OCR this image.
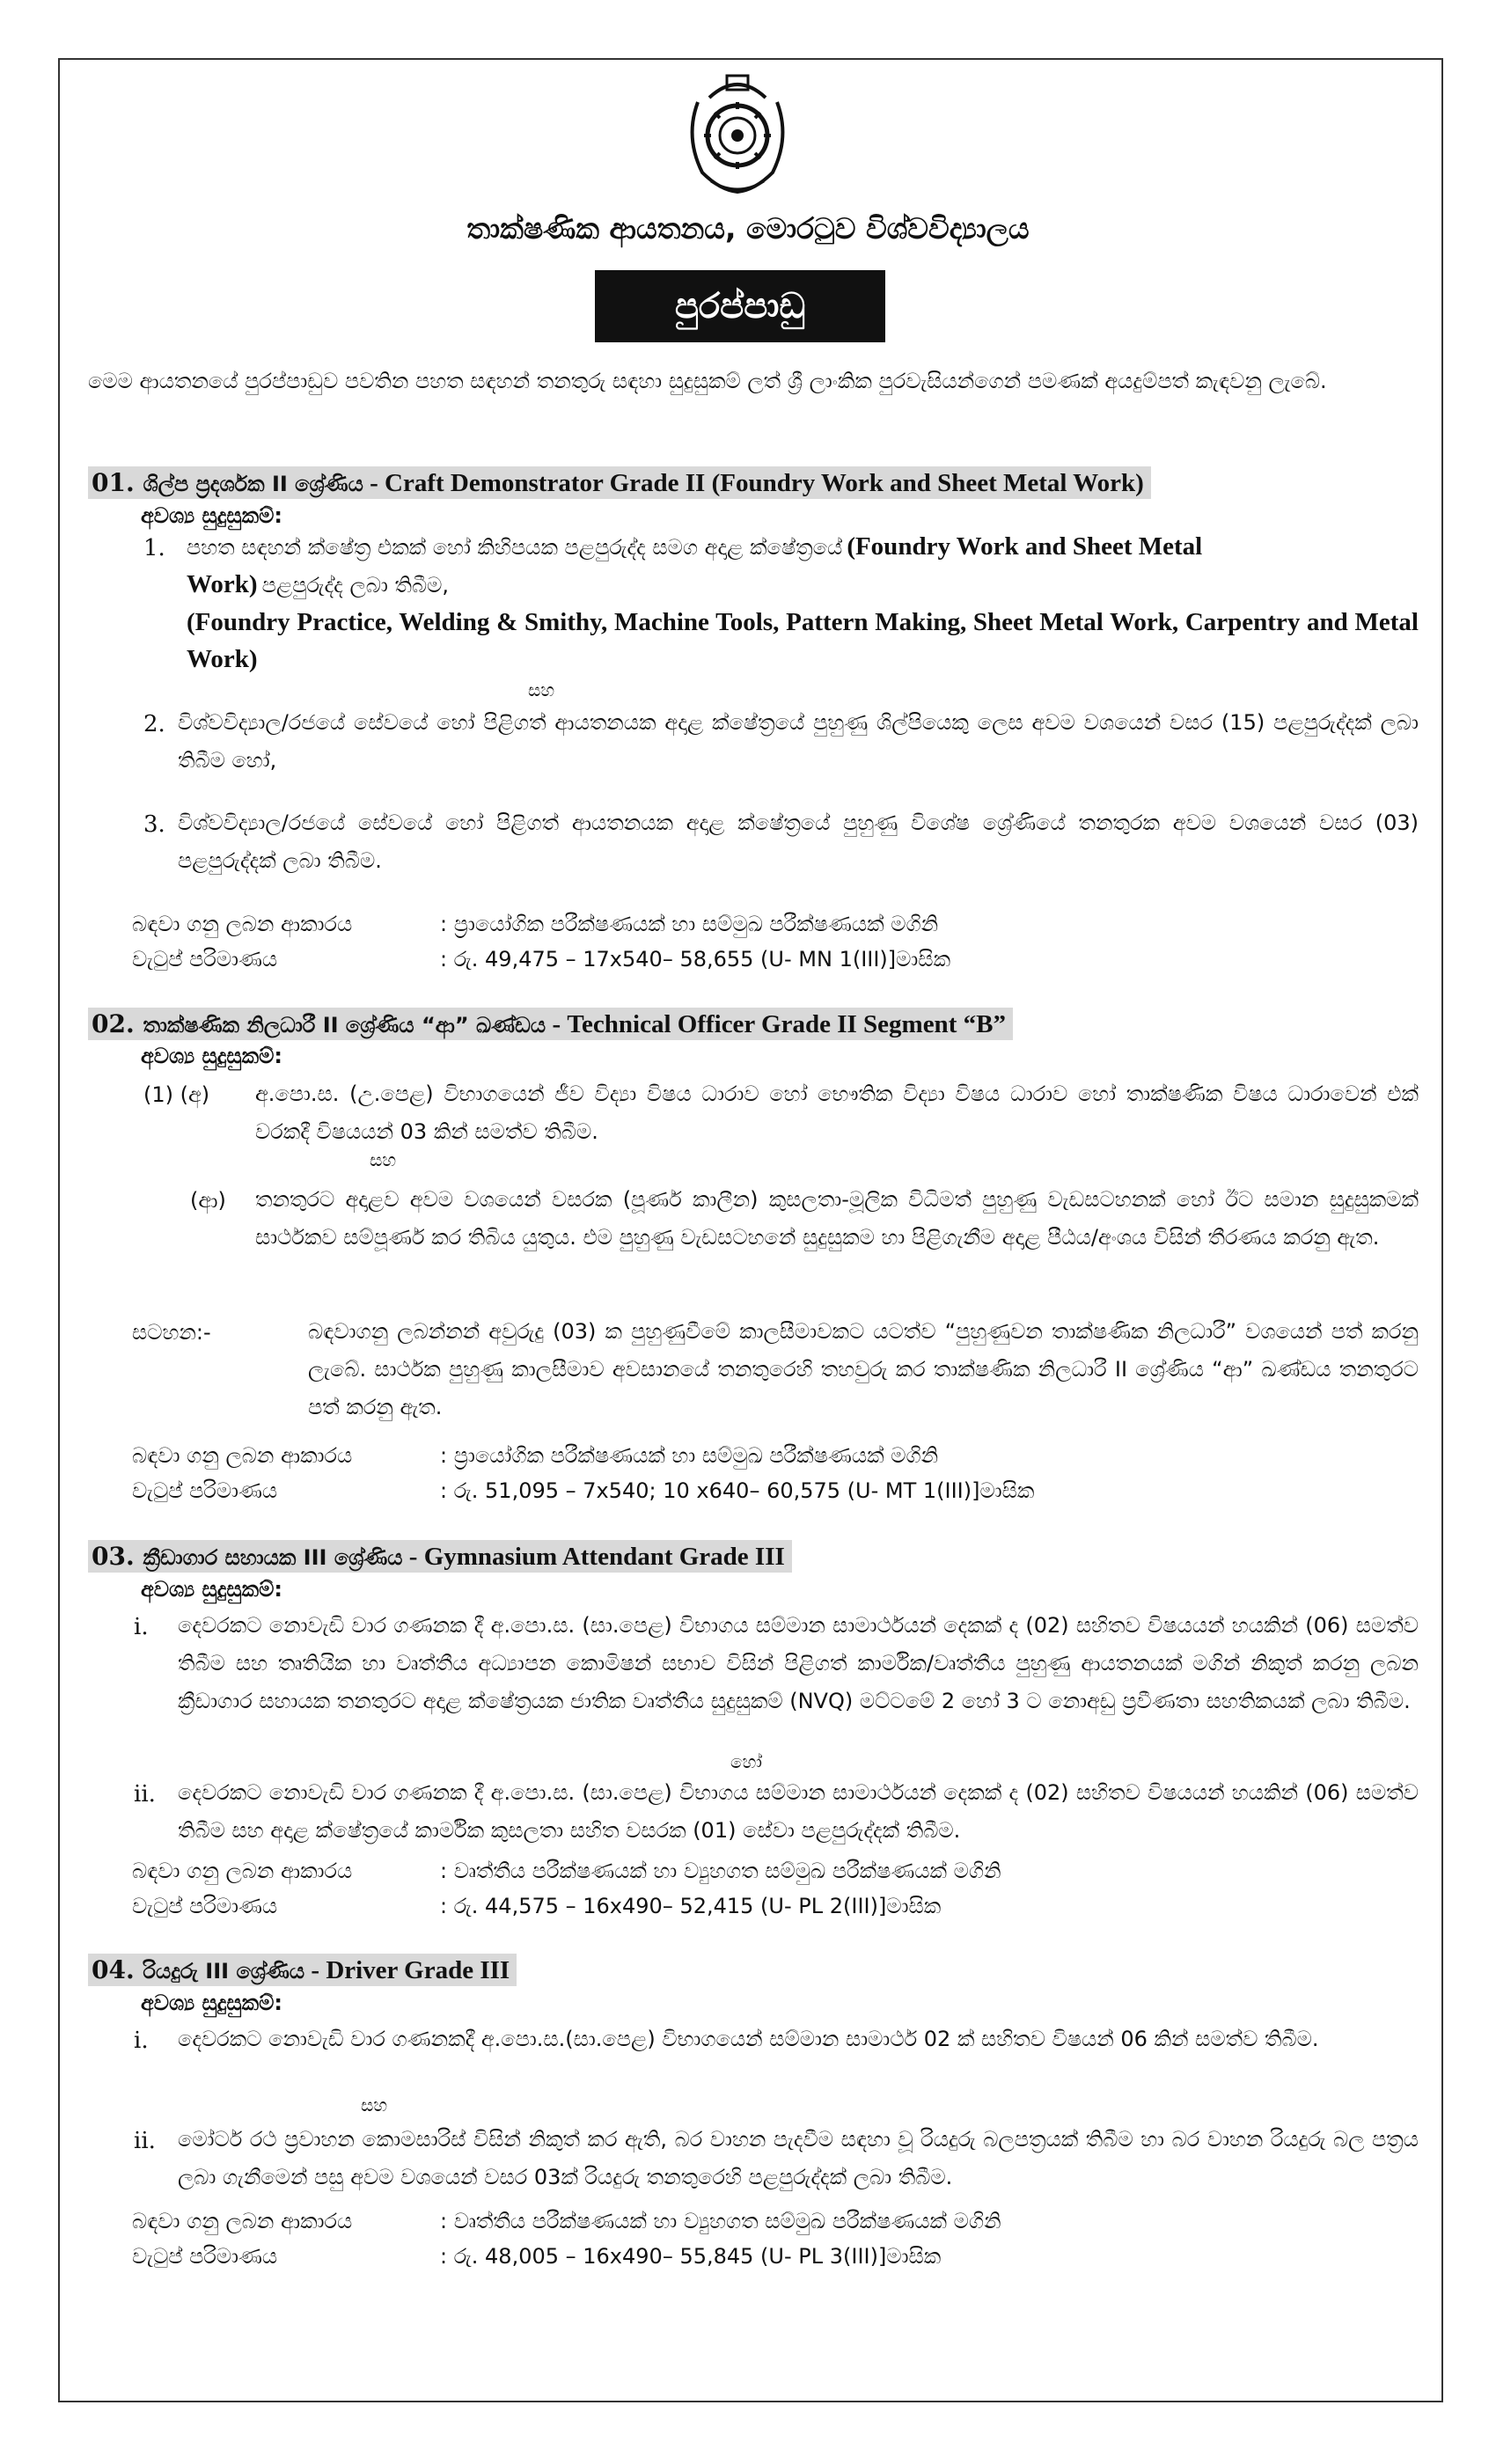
තාක්ෂණික ආයතනය, මොරටුව විශ්වවිද්‍යාලය
පුරප්පාඩු
මෙම ආයතනයේ පුරප්පාඩුව පවතින පහත සඳහන් තනතුරු සඳහා සුදුසුකම් ලත් ශ්‍රී ලාංකික පුරවැසියන්ගෙන් පමණක් අයදුම්පත් කැඳවනු ලැබේ.
01. ශිල්ප ප්‍රදර්ශක II ශ්‍රේණිය - Craft Demonstrator Grade II (Foundry Work and Sheet Metal Work)
අවශ්‍ය සුදුසුකම්:
1. පහත සඳහන් ක්ෂේත්‍ර එකක් හෝ කිහිපයක පළපුරුද්ද සමග අදාළ ක්ෂේත්‍රයේ (Foundry Work and Sheet Metal
Work) පළපුරුද්ද ලබා තිබීම,

(Foundry Practice, Welding & Smithy, Machine Tools, Pattern Making, Sheet Metal Work, Carpentry and Metal Work)
සහ
2. විශ්වවිද්‍යාල/රජයේ සේවයේ හෝ පිළිගත් ආයතනයක අදාළ ක්ෂේත්‍රයේ පුහුණු ශිල්පියෙකු ලෙස අවම වශයෙන් වසර (15) පළපුරුද්දක් ලබා තිබීම හෝ,
3. විශ්වවිද්‍යාල/රජයේ සේවයේ හෝ පිළිගත් ආයතනයක අදාළ ක්ෂේත්‍රයේ පුහුණු විශේෂ ශ්‍රේණියේ තනතුරක අවම වශයෙන් වසර (03) පළපුරුද්දක් ලබා තිබීම.
බඳවා ගනු ලබන ආකාරය	: ප්‍රායෝගික පරීක්ෂණයක් හා සම්මුඛ පරීක්ෂණයක් මගිනි
වැටුප් පරිමාණය	: රු. 49,475 – 17x540– 58,655 (U- MN 1(III)]මාසික
02. තාක්ෂණික නිලධාරී II ශ්‍රේණිය “ආ” ඛණ්ඩය - Technical Officer Grade II Segment “B”
අවශ්‍ය සුදුසුකම්:
(1) (අ) අ.පො.ස. (උ.පෙළ) විභාගයෙන් ජීව විද්‍යා විෂය ධාරාව හෝ භෞතික විද්‍යා විෂය ධාරාව හෝ තාක්ෂණික විෂය ධාරාවෙන් එක් වරකදී විෂයයන් 03 කින් සමත්ව තිබීම.
සහ
(ආ) තනතුරට අදාළව අවම වශයෙන් වසරක (පූර්ණ කාලීන) කුසලතා-මූලික විධිමත් පුහුණු වැඩසටහනක් හෝ ඊට සමාන සුදුසුකමක් සාර්ථකව සම්පූර්ණ කර තිබිය යුතුය. එම පුහුණු වැඩසටහනේ සුදුසුකම හා පිළිගැනීම අදාළ පීඨය/අංශය විසින් තීරණය කරනු ඇත.
සටහන:-	බඳවාගනු ලබන්නන් අවුරුදු (03) ක පුහුණුවීමේ කාලසීමාවකට යටත්ව “පුහුණුවන තාක්ෂණික නිලධාරී” වශයෙන් පත් කරනු ලැබේ. සාර්ථක පුහුණු කාලසීමාව අවසානයේ තනතුරෙහි තහවුරු කර තාක්ෂණික නිලධාරී II ශ්‍රේණිය “ආ” ඛණ්ඩය තනතුරට පත් කරනු ඇත.
බඳවා ගනු ලබන ආකාරය	: ප්‍රායෝගික පරීක්ෂණයක් හා සම්මුඛ පරීක්ෂණයක් මගිනි
වැටුප් පරිමාණය	: රු. 51,095 – 7x540; 10 x640– 60,575 (U- MT 1(III)]මාසික
03. ක්‍රීඩාගාර සහායක III ශ්‍රේණිය - Gymnasium Attendant Grade III
අවශ්‍ය සුදුසුකම්:
i. දෙවරකට නොවැඩි වාර ගණනක දී අ.පො.ස. (සා.පෙළ) විභාගය සම්මාන සාමාර්ථයන් දෙකක් ද (02) සහිතව විෂයයන් හයකින් (06) සමත්ව තිබීම සහ තෘතියික හා වෘත්තීය අධ්‍යාපන කොමිෂන් සභාව විසින් පිළිගත් කාර්මික/වෘත්තීය පුහුණු ආයතනයක් මගින් නිකුත් කරනු ලබන ක්‍රීඩාගාර සහායක තනතුරට අදාළ ක්ෂේත්‍රයක ජාතික වෘත්තීය සුදුසුකම් (NVQ) මට්ටමේ 2 හෝ 3 ට නොඅඩු ප්‍රවීණතා සහතිකයක් ලබා තිබීම.
හෝ
ii. දෙවරකට නොවැඩි වාර ගණනක දී අ.පො.ස. (සා.පෙළ) විභාගය සම්මාන සාමාර්ථයන් දෙකක් ද (02) සහිතව විෂයයන් හයකින් (06) සමත්ව තිබීම සහ අදාළ ක්ෂේත්‍රයේ කාර්මික කුසලතා සහිත වසරක (01) සේවා පළපුරුද්දක් තිබීම.
බඳවා ගනු ලබන ආකාරය	: වෘත්තීය පරීක්ෂණයක් හා ව්‍යුහගත සම්මුඛ පරීක්ෂණයක් මගිනි
වැටුප් පරිමාණය	: රු. 44,575 – 16x490– 52,415 (U- PL 2(III)]මාසික
04. රියදුරු III ශ්‍රේණිය - Driver Grade III
අවශ්‍ය සුදුසුකම්:
i. දෙවරකට නොවැඩි වාර ගණනකදී අ.පො.ස.(සා.පෙළ) විභාගයෙන් සම්මාන සාමාර්ථ 02 ක් සහිතව විෂයන් 06 කින් සමත්ව තිබීම.
සහ
ii. මෝටර් රථ ප්‍රවාහන කොමසාරිස් විසින් නිකුත් කර ඇති, බර වාහන පැදවීම සඳහා වූ රියදුරු බලපත්‍රයක් තිබීම හා බර වාහන රියදුරු බල පත්‍රය ලබා ගැනීමෙන් පසු අවම වශයෙන් වසර 03ක් රියදුරු තනතුරෙහි පළපුරුද්දක් ලබා තිබීම.
බඳවා ගනු ලබන ආකාරය	: වෘත්තීය පරීක්ෂණයක් හා ව්‍යුහගත සම්මුඛ පරීක්ෂණයක් මගිනි
වැටුප් පරිමාණය	: රු. 48,005 – 16x490– 55,845 (U- PL 3(III)]මාසික
